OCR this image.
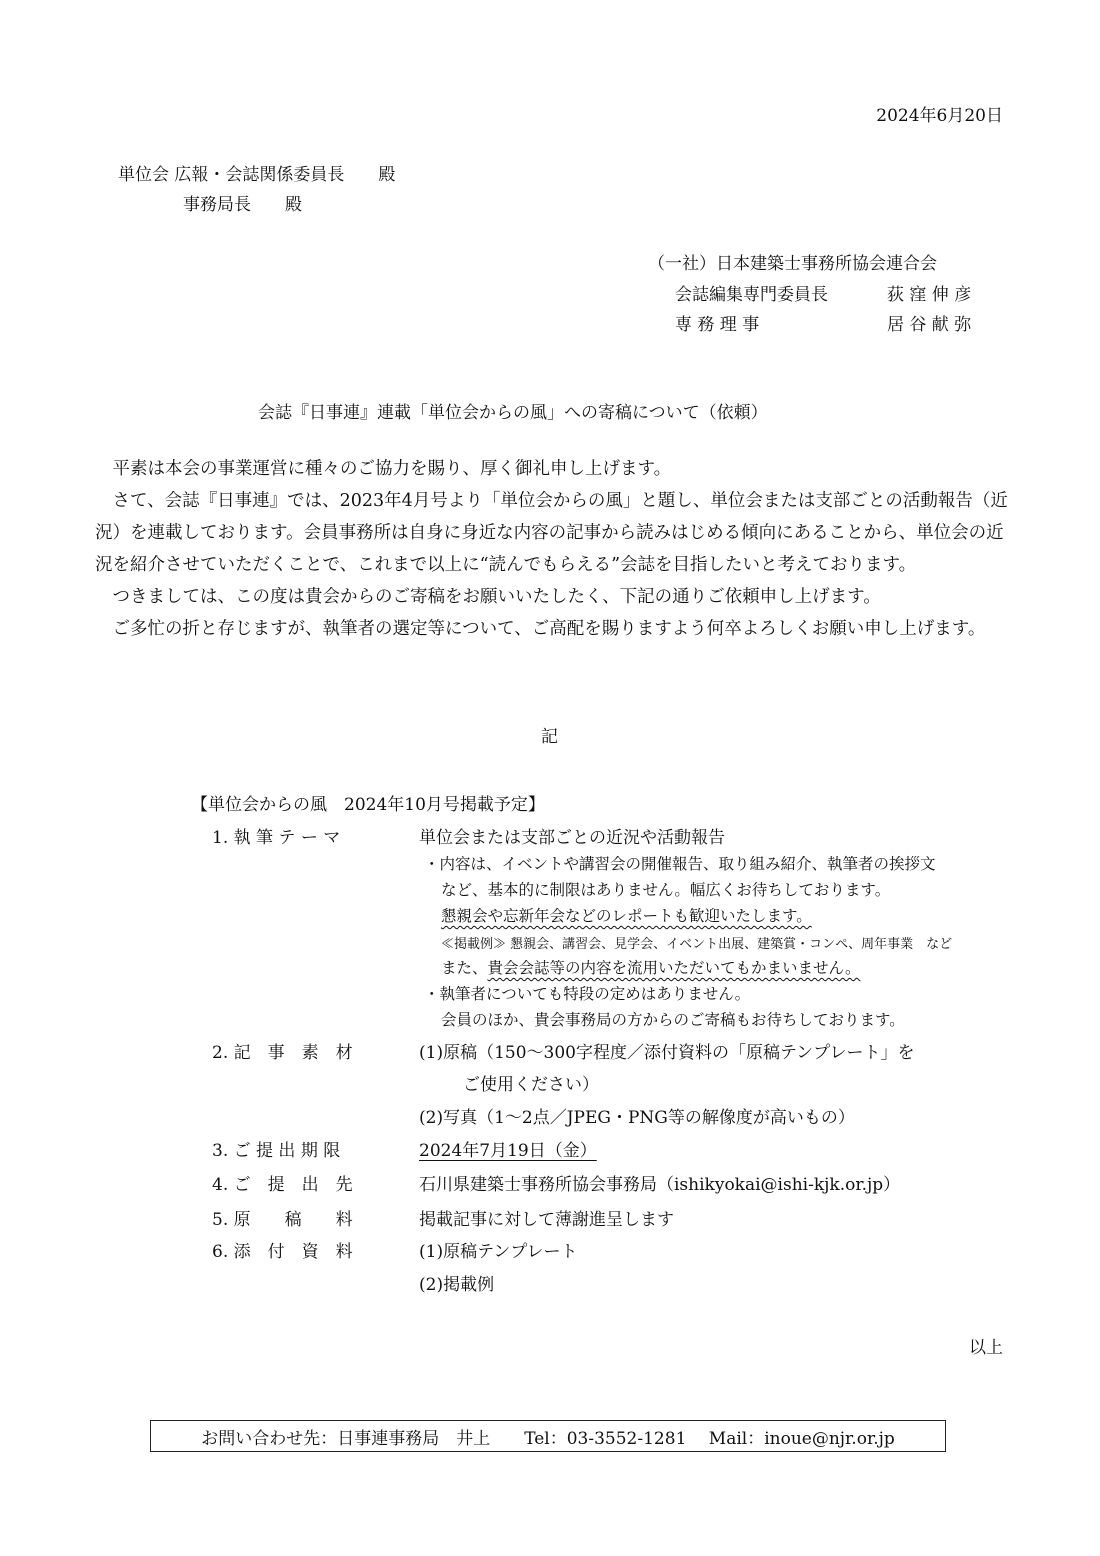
2024年6月20日
単位会 広報・会誌関係委員長　　殿
事務局長　　殿
（一社）日本建築士事務所協会連合会
会誌編集専門委員長	荻 窪 伸 彦
専 務 理 事	居 谷 献 弥
会誌『日事連』連載「単位会からの風」への寄稿について（依頼）

平素は本会の事業運営に種々のご協力を賜り、厚く御礼申し上げます。

さて、会誌『日事連』では、2023年4月号より「単位会からの風」と題し、単位会または支部ごとの活動報告（近況）を連載しております。会員事務所は自身に身近な内容の記事から読みはじめる傾向にあることから、単位会の近況を紹介させていただくことで、これまで以上に“読んでもらえる”会誌を目指したいと考えております。

つきましては、この度は貴会からのご寄稿をお願いいたしたく、下記の通りご依頼申し上げます。

ご多忙の折と存じますが、執筆者の選定等について、ご高配を賜りますよう何卒よろしくお願い申し上げます。

記
【単位会からの風　2024年10月号掲載予定】
1. 執 筆 テ ー マ	単位会または支部ごとの近況や活動報告
・内容は、イベントや講習会の開催報告、取り組み紹介、執筆者の挨拶文
など、基本的に制限はありません。幅広くお待ちしております。
懇親会や忘新年会などのレポートも歓迎いたします。
≪掲載例≫ 懇親会、講習会、見学会、イベント出展、建築賞・コンペ、周年事業　など
また、貴会会誌等の内容を流用いただいてもかまいません。
・執筆者についても特段の定めはありません。
会員のほか、貴会事務局の方からのご寄稿もお待ちしております。
2. 記　事　素　材	(1)原稿（150～300字程度／添付資料の「原稿テンプレート」を
ご使用ください）
(2)写真（1～2点／JPEG・PNG等の解像度が高いもの）
3. ご 提 出 期 限	2024年7月19日（金）
4. ご　提　出　先	石川県建築士事務所協会事務局（ishikyokai@ishi-kjk.or.jp）
5. 原　　稿　　料	掲載記事に対して薄謝進呈します
6. 添　付　資　料	(1)原稿テンプレート
(2)掲載例
以上
お問い合わせ先：日事連事務局　井上　　Tel：03-3552-1281　 Mail：inoue@njr.or.jp
